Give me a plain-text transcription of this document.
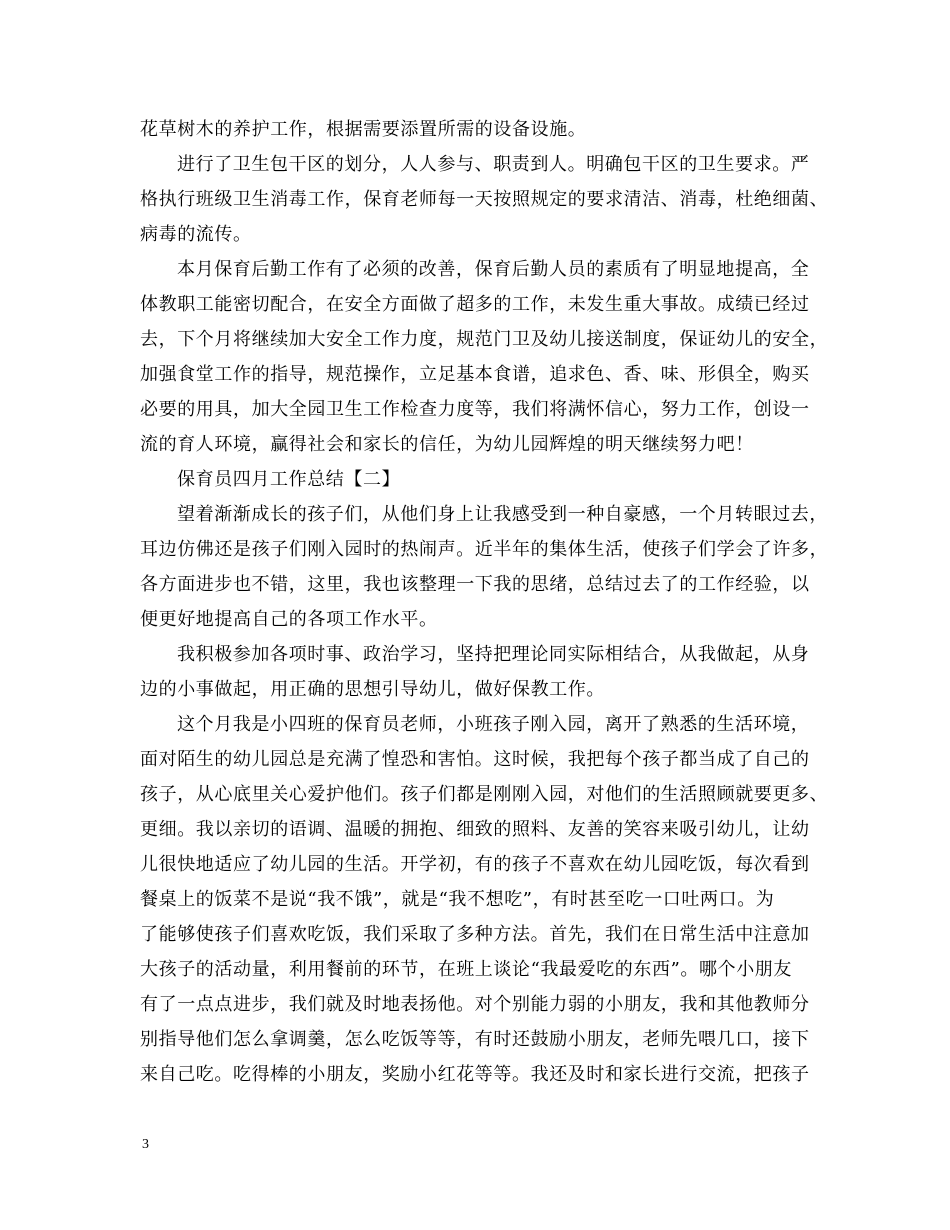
花草树木的养护工作，根据需要添置所需的设备设施。
进行了卫生包干区的划分，人人参与、职责到人。明确包干区的卫生要求。严
格执行班级卫生消毒工作，保育老师每一天按照规定的要求清洁、消毒，杜绝细菌、
病毒的流传。
本月保育后勤工作有了必须的改善，保育后勤人员的素质有了明显地提高，全
体教职工能密切配合，在安全方面做了超多的工作，未发生重大事故。成绩已经过
去，下个月将继续加大安全工作力度，规范门卫及幼儿接送制度，保证幼儿的安全，
加强食堂工作的指导，规范操作，立足基本食谱，追求色、香、味、形俱全，购买
必要的用具，加大全园卫生工作检查力度等，我们将满怀信心，努力工作，创设一
流的育人环境，赢得社会和家长的信任，为幼儿园辉煌的明天继续努力吧！
保育员四月工作总结【二】
望着渐渐成长的孩子们，从他们身上让我感受到一种自豪感，一个月转眼过去，
耳边仿佛还是孩子们刚入园时的热闹声。近半年的集体生活，使孩子们学会了许多，
各方面进步也不错，这里，我也该整理一下我的思绪，总结过去了的工作经验，以
便更好地提高自己的各项工作水平。
我积极参加各项时事、政治学习，坚持把理论同实际相结合，从我做起，从身
边的小事做起，用正确的思想引导幼儿，做好保教工作。
这个月我是小四班的保育员老师，小班孩子刚入园，离开了熟悉的生活环境，
面对陌生的幼儿园总是充满了惶恐和害怕。这时候，我把每个孩子都当成了自己的
孩子，从心底里关心爱护他们。孩子们都是刚刚入园，对他们的生活照顾就要更多、
更细。我以亲切的语调、温暖的拥抱、细致的照料、友善的笑容来吸引幼儿，让幼
儿很快地适应了幼儿园的生活。开学初，有的孩子不喜欢在幼儿园吃饭，每次看到
餐桌上的饭菜不是说“我不饿”，就是“我不想吃”，有时甚至吃一口吐两口。为
了能够使孩子们喜欢吃饭，我们采取了多种方法。首先，我们在日常生活中注意加
大孩子的活动量，利用餐前的环节，在班上谈论“我最爱吃的东西”。哪个小朋友
有了一点点进步，我们就及时地表扬他。对个别能力弱的小朋友，我和其他教师分
别指导他们怎么拿调羹，怎么吃饭等等，有时还鼓励小朋友，老师先喂几口，接下
来自己吃。吃得棒的小朋友，奖励小红花等等。我还及时和家长进行交流，把孩子
3
